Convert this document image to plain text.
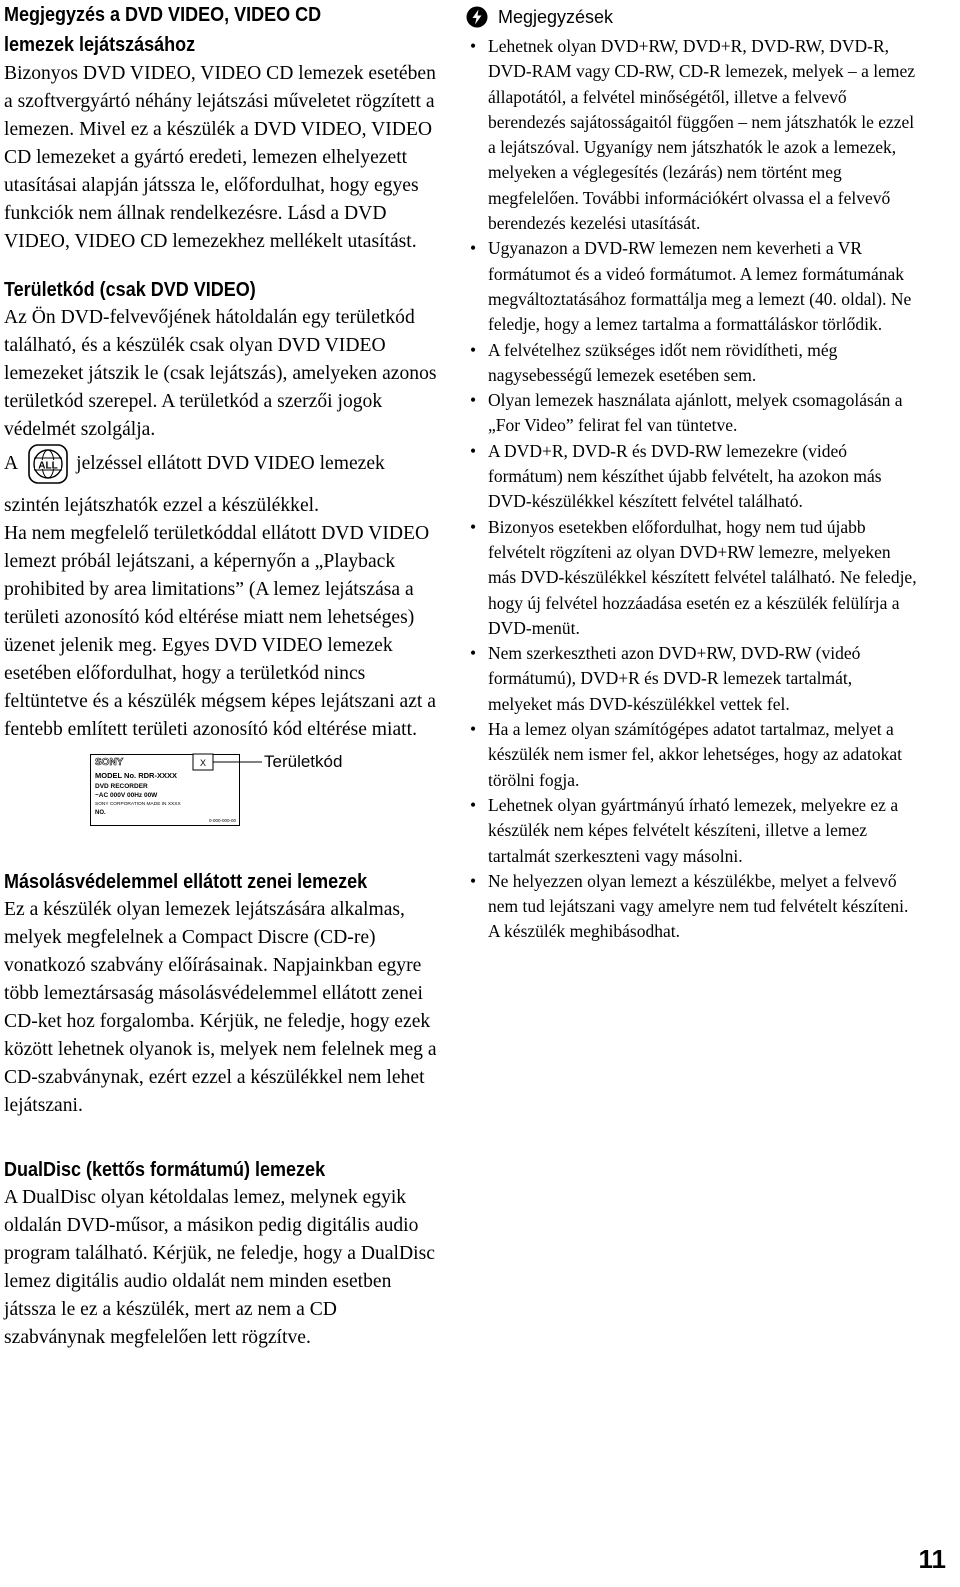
Megjegyzés a DVD VIDEO, VIDEO CD
lemezek lejátszásához

Bizonyos DVD VIDEO, VIDEO CD lemezek esetében a szoftvergyártó néhány lejátszási műveletet rögzített a lemezen. Mivel ez a készülék a DVD VIDEO, VIDEO CD lemezeket a gyártó eredeti, lemezen elhelyezett utasításai alapján játssza le, előfordulhat, hogy egyes funkciók nem állnak rendelkezésre. Lásd a DVD VIDEO, VIDEO CD lemezekhez mellékelt utasítást.

Területkód (csak DVD VIDEO)

Az Ön DVD-felvevőjének hátoldalán egy területkód található, és a készülék csak olyan DVD VIDEO lemezeket játszik le (csak lejátszás), amelyeken azonos területkód szerepel. A területkód a szerzői jogok védelmét szolgálja.

A ALL jelzéssel ellátott DVD VIDEO lemezek

szintén lejátszhatók ezzel a készülékkel.

Ha nem megfelelő területkóddal ellátott DVD VIDEO lemezt próbál lejátszani, a képernyőn a „Playback prohibited by area limitations” (A lemez lejátszása a területi azonosító kód eltérése miatt nem lehetséges) üzenet jelenik meg. Egyes DVD VIDEO lemezek esetében előfordulhat, hogy a területkód nincs feltüntetve és a készülék mégsem képes lejátszani azt a fentebb említett területi azonosító kód eltérése miatt.

SONY
MODEL No. RDR-XXXX
DVD RECORDER
~AC 000V 00Hz 00W
SONY CORPORATION MADE IN XXXX
NO.
0-000-000-00
X	Területkód
Másolásvédelemmel ellátott zenei lemezek

Ez a készülék olyan lemezek lejátszására alkalmas, melyek megfelelnek a Compact Discre (CD-re) vonatkozó szabvány előírásainak. Napjainkban egyre több lemeztársaság másolásvédelemmel ellátott zenei CD-ket hoz forgalomba. Kérjük, ne feledje, hogy ezek között lehetnek olyanok is, melyek nem felelnek meg a CD-szabványnak, ezért ezzel a készülékkel nem lehet lejátszani.

DualDisc (kettős formátumú) lemezek

A DualDisc olyan kétoldalas lemez, melynek egyik oldalán DVD-műsor, a másikon pedig digitális audio program található. Kérjük, ne feledje, hogy a DualDisc lemez digitális audio oldalát nem minden esetben játssza le ez a készülék, mert az nem a CD szabványnak megfelelően lett rögzítve.

Megjegyzések
• Lehetnek olyan DVD+RW, DVD+R, DVD-RW, DVD-R, DVD-RAM vagy CD-RW, CD-R lemezek, melyek – a lemez állapotától, a felvétel minőségétől, illetve a felvevő berendezés sajátosságaitól függően – nem játszhatók le ezzel a lejátszóval. Ugyanígy nem játszhatók le azok a lemezek, melyeken a véglegesítés (lezárás) nem történt meg megfelelően. További információkért olvassa el a felvevő berendezés kezelési utasítását.
• Ugyanazon a DVD-RW lemezen nem keverheti a VR formátumot és a videó formátumot. A lemez formátumának megváltoztatásához formattálja meg a lemezt (40. oldal). Ne feledje, hogy a lemez tartalma a formattáláskor törlődik.
• A felvételhez szükséges időt nem rövidítheti, még nagysebességű lemezek esetében sem.
• Olyan lemezek használata ajánlott, melyek csomagolásán a „For Video” felirat fel van tüntetve.
• A DVD+R, DVD-R és DVD-RW lemezekre (videó formátum) nem készíthet újabb felvételt, ha azokon más DVD-készülékkel készített felvétel található.
• Bizonyos esetekben előfordulhat, hogy nem tud újabb felvételt rögzíteni az olyan DVD+RW lemezre, melyeken más DVD-készülékkel készített felvétel található. Ne feledje, hogy új felvétel hozzáadása esetén ez a készülék felülírja a DVD-menüt.
• Nem szerkesztheti azon DVD+RW, DVD-RW (videó formátumú), DVD+R és DVD-R lemezek tartalmát, melyeket más DVD-készülékkel vettek fel.
• Ha a lemez olyan számítógépes adatot tartalmaz, melyet a készülék nem ismer fel, akkor lehetséges, hogy az adatokat törölni fogja.
• Lehetnek olyan gyártmányú írható lemezek, melyekre ez a készülék nem képes felvételt készíteni, illetve a lemez tartalmát szerkeszteni vagy másolni.
• Ne helyezzen olyan lemezt a készülékbe, melyet a felvevő nem tud lejátszani vagy amelyre nem tud felvételt készíteni. A készülék meghibásodhat.
11
